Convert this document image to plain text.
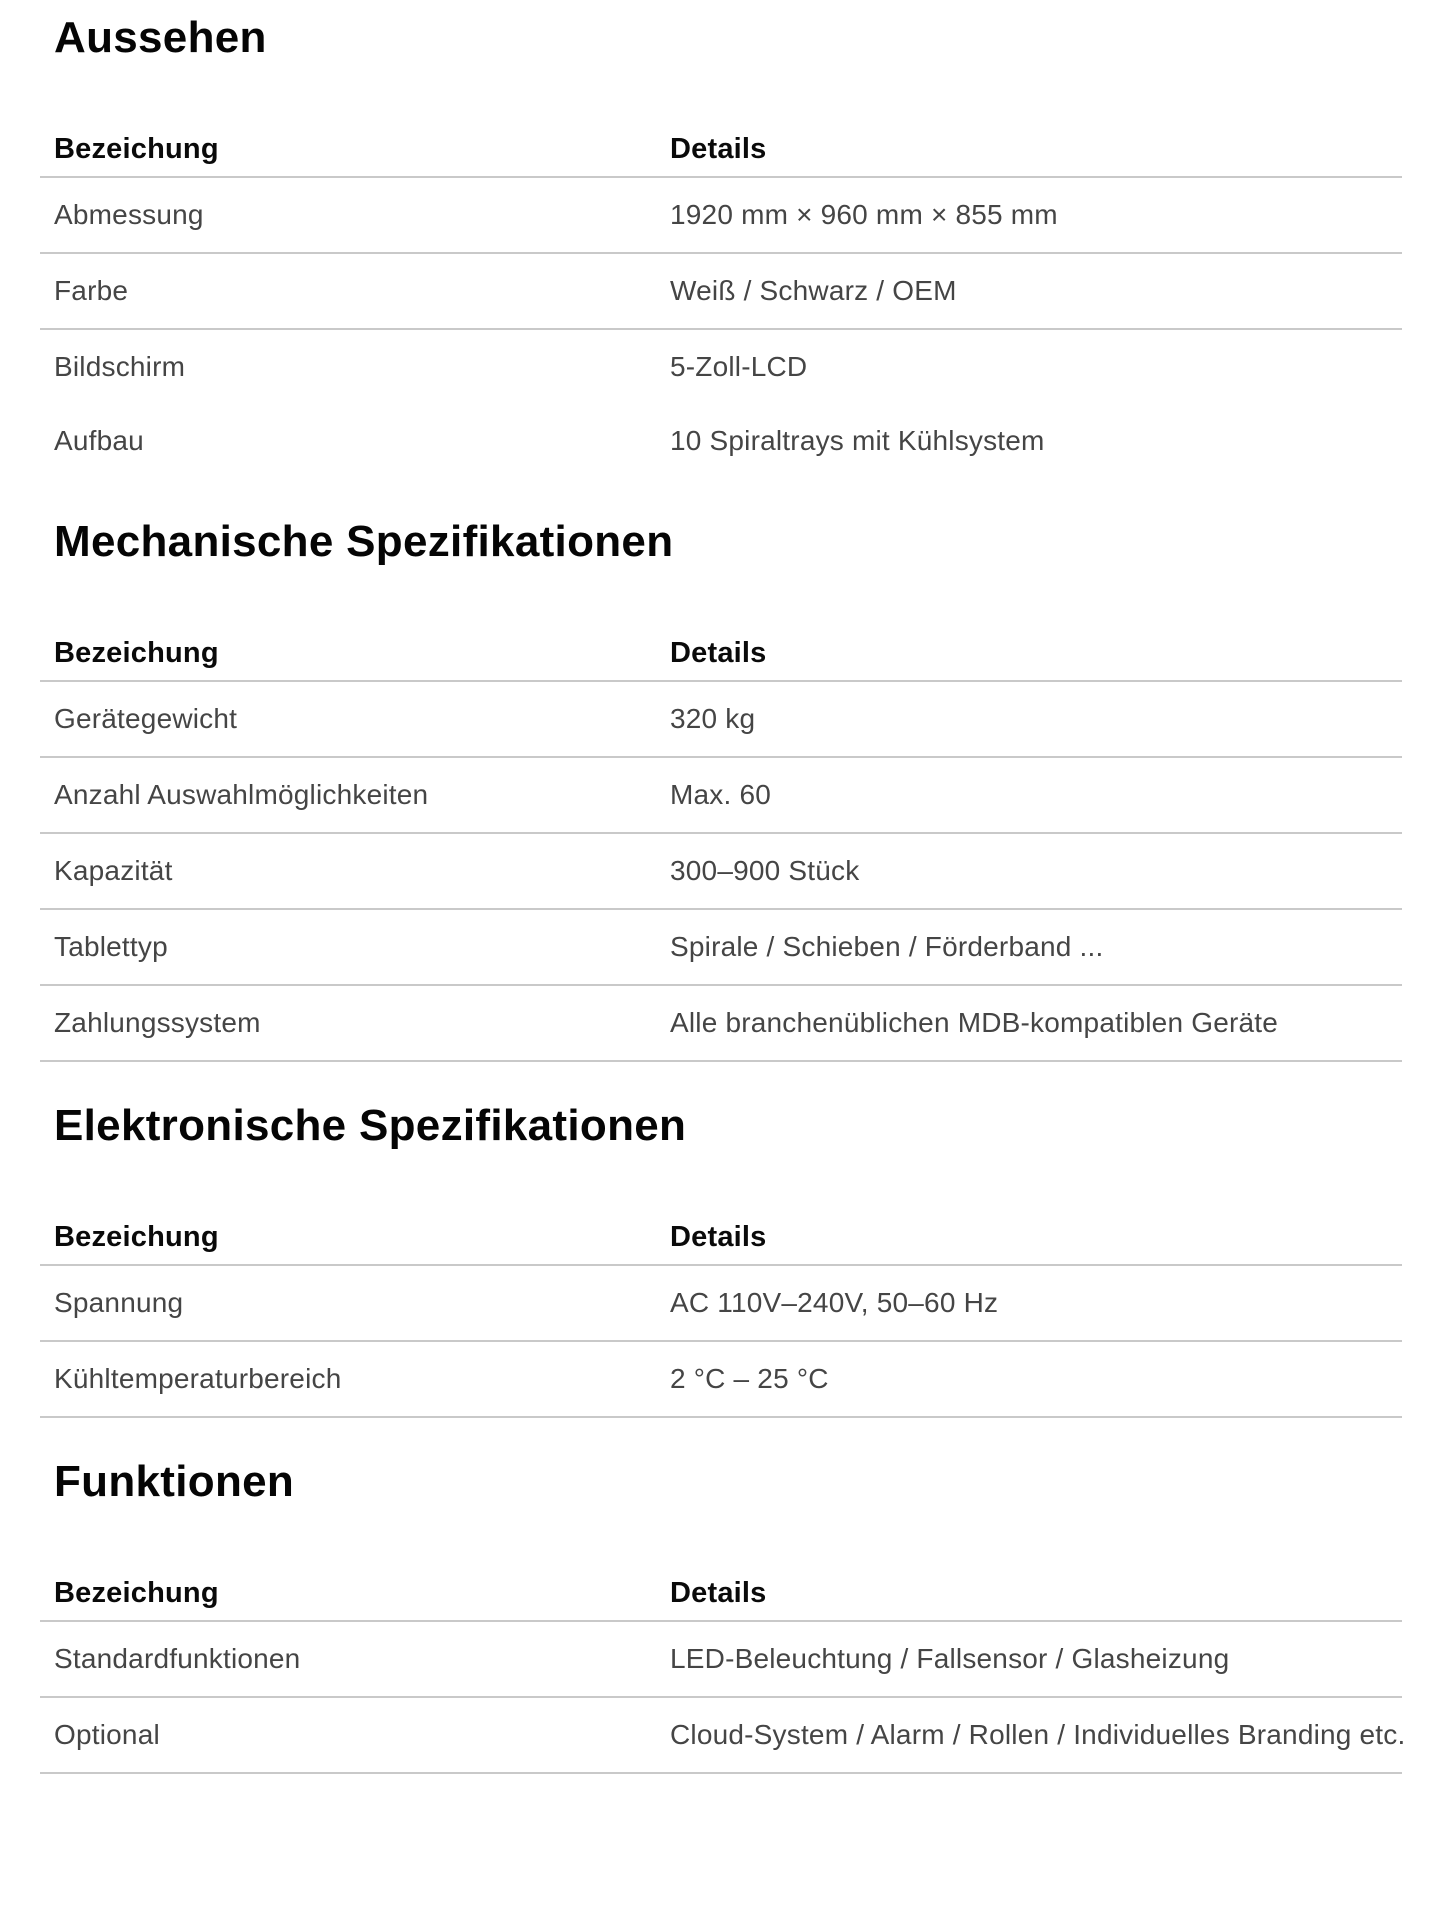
Aussehen
Bezeichung	Details
Abmessung	1920 mm × 960 mm × 855 mm
Farbe	Weiß / Schwarz / OEM
Bildschirm	5-Zoll-LCD
Aufbau	10 Spiraltrays mit Kühlsystem
Mechanische Spezifikationen
Bezeichung	Details
Gerätegewicht	320 kg
Anzahl Auswahlmöglichkeiten	Max. 60
Kapazität	300–900 Stück
Tablettyp	Spirale / Schieben / Förderband ...
Zahlungssystem	Alle branchenüblichen MDB-kompatiblen Geräte
Elektronische Spezifikationen
Bezeichung	Details
Spannung	AC 110V–240V, 50–60 Hz
Kühltemperaturbereich	2 °C – 25 °C
Funktionen
Bezeichung	Details
Standardfunktionen	LED-Beleuchtung / Fallsensor / Glasheizung
Optional	Cloud-System / Alarm / Rollen / Individuelles Branding etc.
